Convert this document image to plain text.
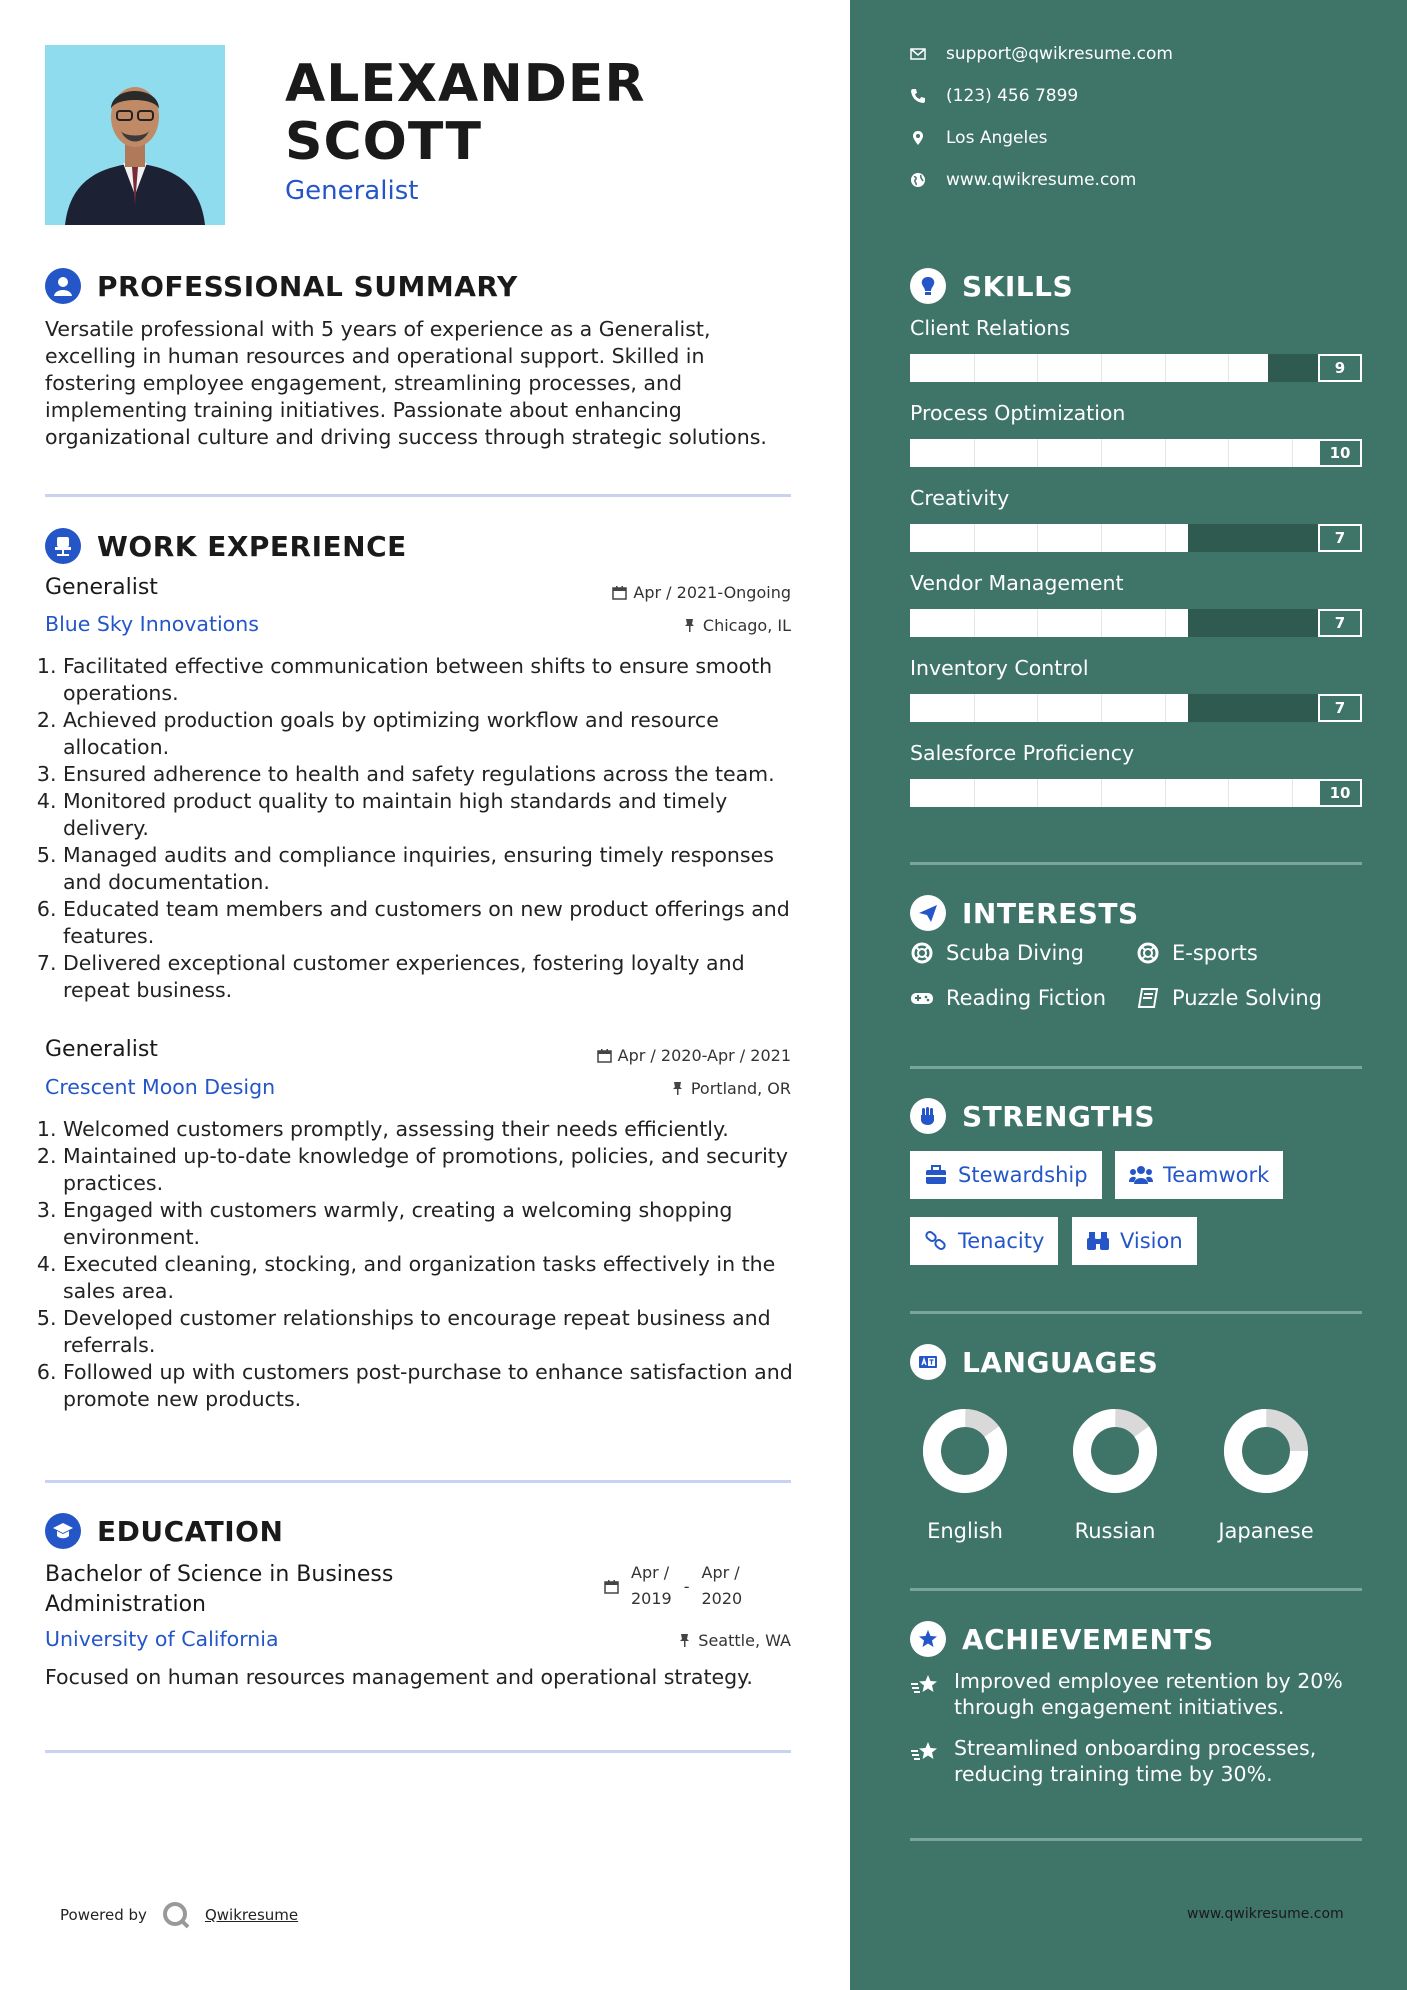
ALEXANDER
SCOTT
Generalist
PROFESSIONAL SUMMARY
Versatile professional with 5 years of experience as a Generalist, excelling in human resources and operational support. Skilled in fostering employee engagement, streamlining processes, and implementing training initiatives. Passionate about enhancing organizational culture and driving success through strategic solutions.
WORK EXPERIENCE
Generalist	Apr / 2021-Ongoing
Blue Sky Innovations	Chicago, IL
1. Facilitated effective communication between shifts to ensure smooth operations.
2. Achieved production goals by optimizing workflow and resource allocation.
3. Ensured adherence to health and safety regulations across the team.
4. Monitored product quality to maintain high standards and timely delivery.
5. Managed audits and compliance inquiries, ensuring timely responses and documentation.
6. Educated team members and customers on new product offerings and features.
7. Delivered exceptional customer experiences, fostering loyalty and repeat business.
Generalist	Apr / 2020-Apr / 2021
Crescent Moon Design	Portland, OR
1. Welcomed customers promptly, assessing their needs efficiently.
2. Maintained up-to-date knowledge of promotions, policies, and security practices.
3. Engaged with customers warmly, creating a welcoming shopping environment.
4. Executed cleaning, stocking, and organization tasks effectively in the sales area.
5. Developed customer relationships to encourage repeat business and referrals.
6. Followed up with customers post-purchase to enhance satisfaction and promote new products.
EDUCATION
Bachelor of Science in Business
Administration
Apr /
2019
-
Apr /
2020
University of California	Seattle, WA
Focused on human resources management and operational strategy.
Powered by	Qwikresume
support@qwikresume.com
(123) 456 7899
Los Angeles
www.qwikresume.com
SKILLS
Client Relations
9
Process Optimization
10
Creativity
7
Vendor Management
7
Inventory Control
7
Salesforce Proficiency
10
INTERESTS
Scuba Diving	E-sports
Reading Fiction	Puzzle Solving
STRENGTHS
Stewardship	Teamwork
Tenacity	Vision
LANGUAGES
English	Russian	Japanese
ACHIEVEMENTS
Improved employee retention by 20% through engagement initiatives.
Streamlined onboarding processes, reducing training time by 30%.
www.qwikresume.com
